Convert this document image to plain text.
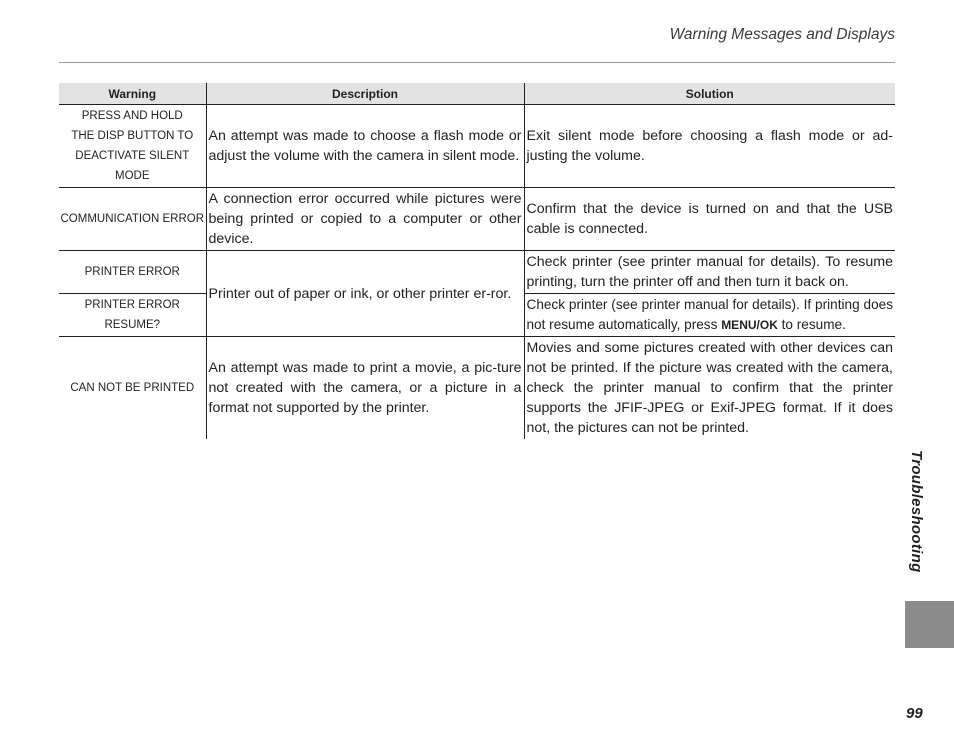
Warning Messages and Displays
Warning	Description	Solution

PRESS AND HOLD
THE DISP BUTTON TO
DEACTIVATE SILENT MODE	An attempt was made to choose a flash mode or adjust the volume with the camera in silent mode.	Exit silent mode before choosing a flash mode or ad-justing the volume.

COMMUNICATION ERROR	A connection error occurred while pictures were being printed or copied to a computer or other device.	Confirm that the device is turned on and that the USB cable is connected.

PRINTER ERROR	Printer out of paper or ink, or other printer er-ror.	Check printer (see printer manual for details). To resume printing, turn the printer off and then turn it back on.

PRINTER ERROR
RESUME?		Check printer (see printer manual for details). If printing does not resume automatically, press MENU/OK to resume.

CAN NOT BE PRINTED	An attempt was made to print a movie, a pic-ture not created with the camera, or a picture in a format not supported by the printer.	Movies and some pictures created with other devices can not be printed. If the picture was created with the camera, check the printer manual to confirm that the printer supports the JFIF-JPEG or Exif-JPEG format. If it does not, the pictures can not be printed.
Troubleshooting
99
